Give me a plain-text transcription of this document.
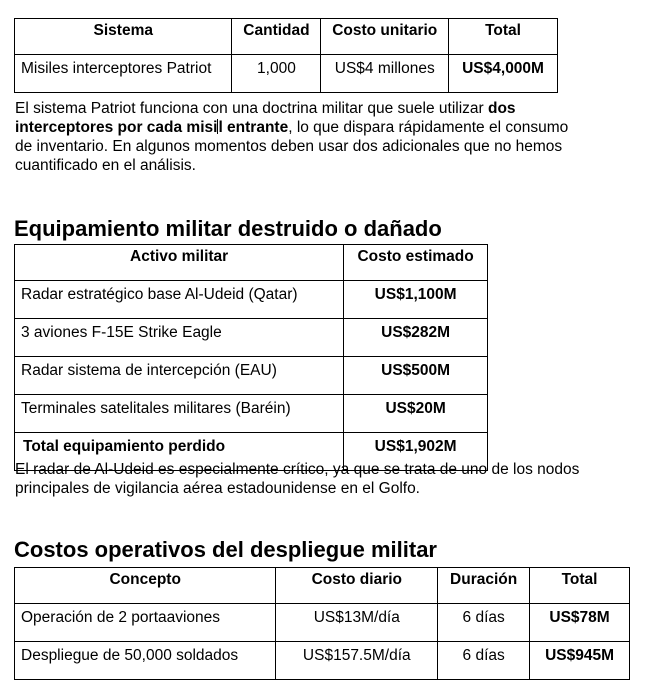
Sistema	Cantidad	Costo unitario	Total
Misiles interceptores Patriot	1,000	US$4 millones	US$4,000M

El sistema Patriot funciona con una doctrina militar que suele utilizar dos interceptores por cada misil entrante, lo que dispara rápidamente el consumo de inventario. En algunos momentos deben usar dos adicionales que no hemos cuantificado en el análisis.

Equipamiento militar destruido o dañado
Activo militar	Costo estimado
Radar estratégico base Al-Udeid (Qatar)	US$1,100M
3 aviones F-15E Strike Eagle	US$282M
Radar sistema de intercepción (EAU)	US$500M
Terminales satelitales militares (Baréin)	US$20M
Total equipamiento perdido	US$1,902M

El radar de Al-Udeid es especialmente crítico, ya que se trata de uno de los nodos principales de vigilancia aérea estadounidense en el Golfo.

Costos operativos del despliegue militar
Concepto	Costo diario	Duración	Total
Operación de 2 portaaviones	US$13M/día	6 días	US$78M
Despliegue de 50,000 soldados	US$157.5M/día	6 días	US$945M
